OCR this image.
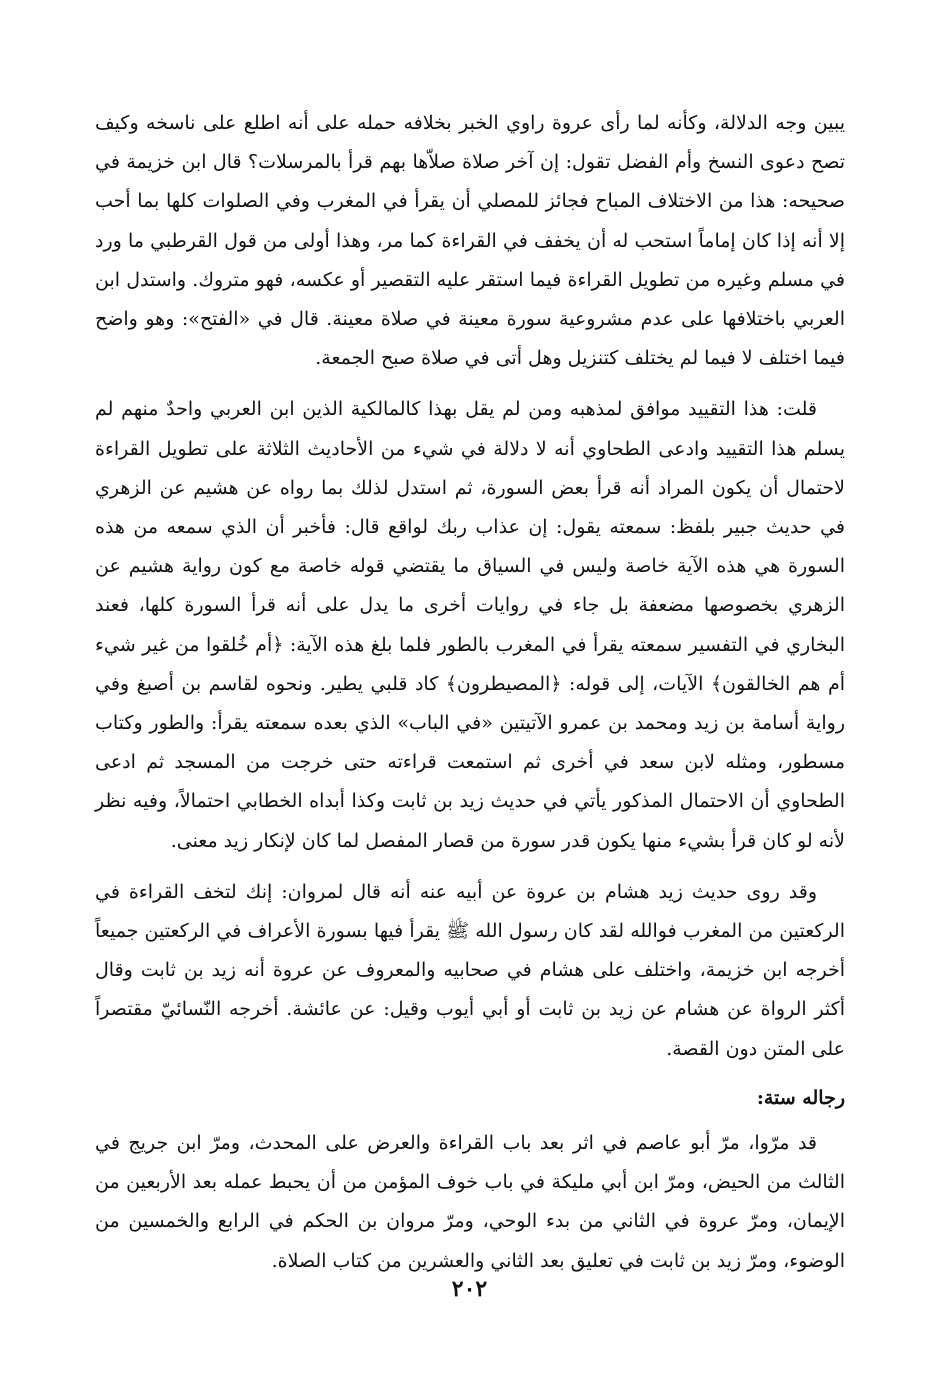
يبين وجه الدلالة، وكأنه لما رأى عروة راوي الخبر بخلافه حمله على أنه اطلع على ناسخه وكيف تصح دعوى النسخ وأم الفضل تقول: إن آخر صلاة صلاّها بهم قرأ بالمرسلات؟ قال ابن خزيمة في صحيحه: هذا من الاختلاف المباح فجائز للمصلي أن يقرأ في المغرب وفي الصلوات كلها بما أحب إلا أنه إذا كان إماماً استحب له أن يخفف في القراءة كما مر، وهذا أولى من قول القرطبي ما ورد في مسلم وغيره من تطويل القراءة فيما استقر عليه التقصير أو عكسه، فهو متروك. واستدل ابن العربي باختلافها على عدم مشروعية سورة معينة في صلاة معينة. قال في «الفتح»: وهو واضح فيما اختلف لا فيما لم يختلف كتنزيل وهل أتى في صلاة صبح الجمعة.

قلت: هذا التقييد موافق لمذهبه ومن لم يقل بهذا كالمالكية الذين ابن العربي واحدٌ منهم لم يسلم هذا التقييد وادعى الطحاوي أنه لا دلالة في شيء من الأحاديث الثلاثة على تطويل القراءة لاحتمال أن يكون المراد أنه قرأ بعض السورة، ثم استدل لذلك بما رواه عن هشيم عن الزهري في حديث جبير بلفظ: سمعته يقول: إن عذاب ربك لواقع قال: فأخبر أن الذي سمعه من هذه السورة هي هذه الآية خاصة وليس في السياق ما يقتضي قوله خاصة مع كون رواية هشيم عن الزهري بخصوصها مضعفة بل جاء في روايات أخرى ما يدل على أنه قرأ السورة كلها، فعند البخاري في التفسير سمعته يقرأ في المغرب بالطور فلما بلغ هذه الآية: ﴿أم خُلقوا من غير شيء أم هم الخالقون﴾ الآيات، إلى قوله: ﴿المصيطرون﴾ كاد قلبي يطير. ونحوه لقاسم بن أصبغ وفي رواية أسامة بن زيد ومحمد بن عمرو الآتيتين «في الباب» الذي بعده سمعته يقرأ: والطور وكتاب مسطور، ومثله لابن سعد في أخرى ثم استمعت قراءته حتى خرجت من المسجد ثم ادعى الطحاوي أن الاحتمال المذكور يأتي في حديث زيد بن ثابت وكذا أبداه الخطابي احتمالاً، وفيه نظر لأنه لو كان قرأ بشيء منها يكون قدر سورة من قصار المفصل لما كان لإنكار زيد معنى.

وقد روى حديث زيد هشام بن عروة عن أبيه عنه أنه قال لمروان: إنك لتخف القراءة في الركعتين من المغرب فوالله لقد كان رسول الله ﷺ يقرأ فيها بسورة الأعراف في الركعتين جميعاً أخرجه ابن خزيمة، واختلف على هشام في صحابيه والمعروف عن عروة أنه زيد بن ثابت وقال أكثر الرواة عن هشام عن زيد بن ثابت أو أبي أيوب وقيل: عن عائشة. أخرجه النّسائيّ مقتصراً على المتن دون القصة.

رجاله ستة:

قد مرّوا، مرّ أبو عاصم في اثر بعد باب القراءة والعرض على المحدث، ومرّ ابن جريج في الثالث من الحيض، ومرّ ابن أبي مليكة في باب خوف المؤمن من أن يحبط عمله بعد الأربعين من الإيمان، ومرّ عروة في الثاني من بدء الوحي، ومرّ مروان بن الحكم في الرابع والخمسين من الوضوء، ومرّ زيد بن ثابت في تعليق بعد الثاني والعشرين من كتاب الصلاة.

٢٠٢
